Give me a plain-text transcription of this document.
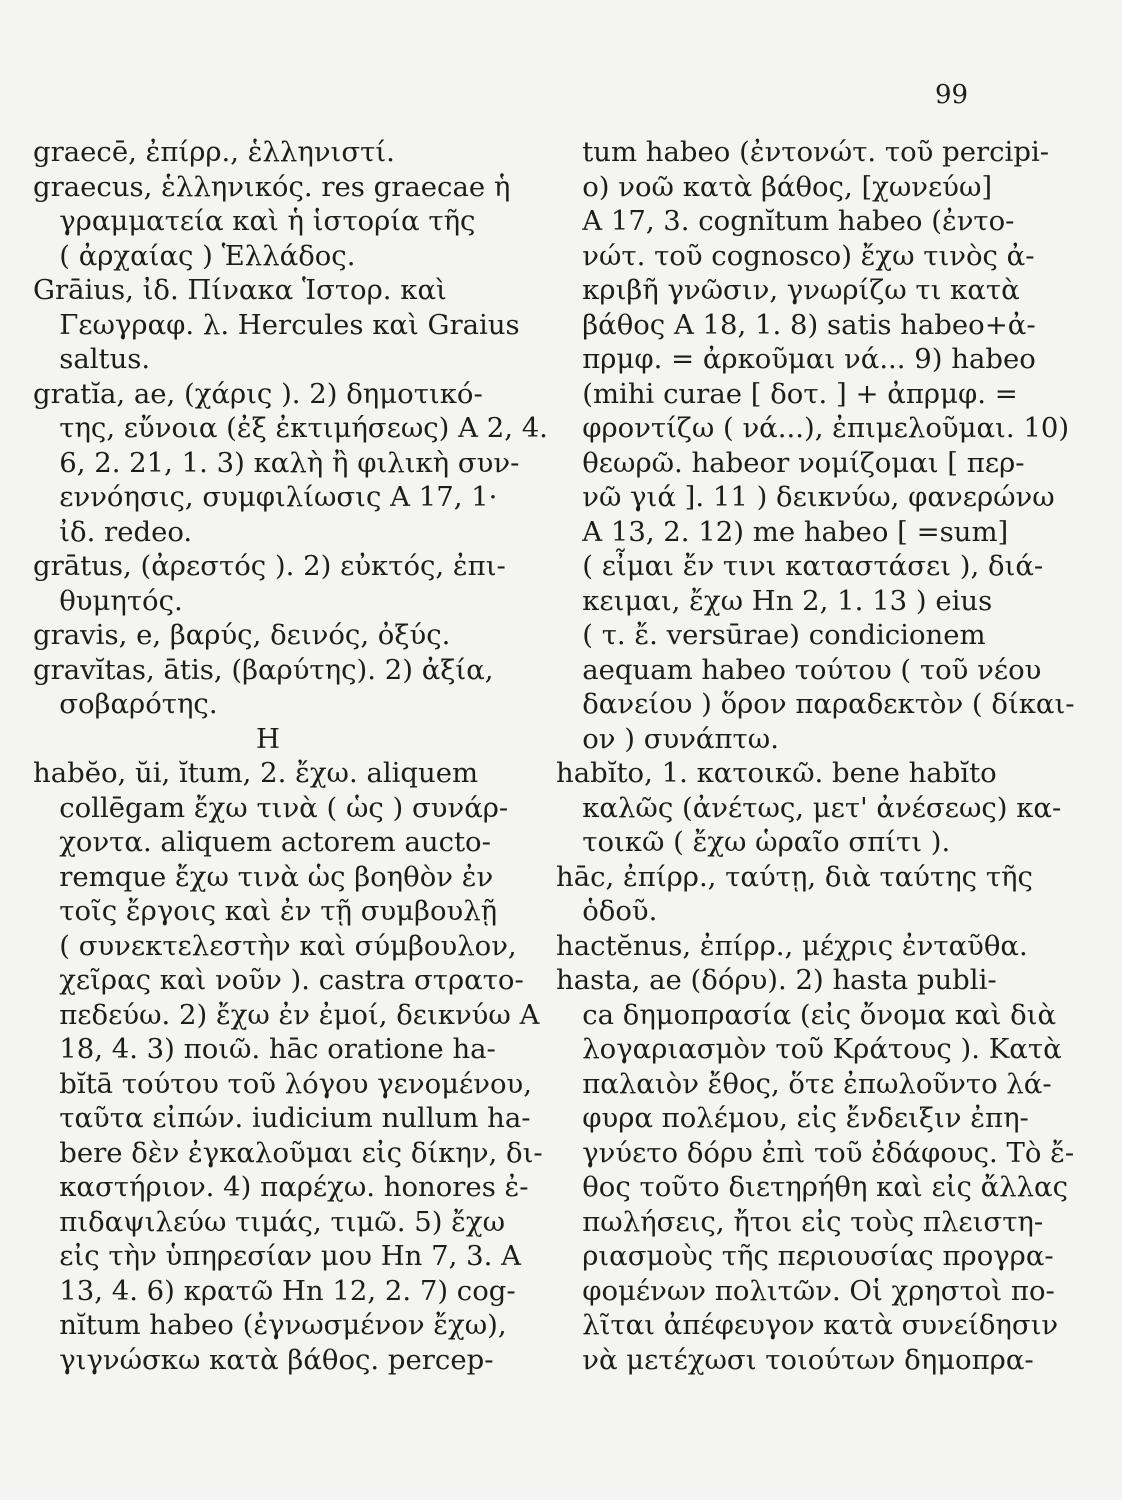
99
graecē, ἐπίρρ., ἑλληνιστί.
graecus, ἑλληνικός. res graecae ἡ
γραμματεία καὶ ἡ ἱστορία τῆς
( ἀρχαίας ) Ἑλλάδος.
Grāius, ἰδ. Πίνακα Ἱστορ. καὶ
Γεωγραφ. λ. Hercules καὶ Graius
saltus.
gratĭa, ae, (χάρις ). 2) δημοτικό-
της, εὔνοια (ἐξ ἐκτιμήσεως) Α 2, 4.
6, 2. 21, 1. 3) καλὴ ἢ φιλικὴ συν-
εννόησις, συμφιλίωσις Α 17, 1·
ἰδ. redeo.
grātus, (ἀρεστός ). 2) εὐκτός, ἐπι-
θυμητός.
gravis, e, βαρύς, δεινός, ὀξύς.
gravĭtas, ātis, (βαρύτης). 2) ἀξία,
σοβαρότης.
Η
habĕo, ŭi, ĭtum, 2. ἔχω. aliquem
collēgam ἔχω τινὰ ( ὡς ) συνάρ-
χοντα. aliquem actorem aucto-
remque ἔχω τινὰ ὡς βοηθὸν ἐν
τοῖς ἔργοις καὶ ἐν τῇ συμβουλῇ
( συνεκτελεστὴν καὶ σύμβουλον,
χεῖρας καὶ νοῦν ). castra στρατο-
πεδεύω. 2) ἔχω ἐν ἐμοί, δεικνύω Α
18, 4. 3) ποιῶ. hāc oratione ha-
bĭtā τούτου τοῦ λόγου γενομένου,
ταῦτα εἰπών. iudicium nullum ha-
bere δὲν ἐγκαλοῦμαι εἰς δίκην, δι-
καστήριον. 4) παρέχω. honores ἐ-
πιδαψιλεύω τιμάς, τιμῶ. 5) ἔχω
εἰς τὴν ὑπηρεσίαν μου Hn 7, 3. Α
13, 4. 6) κρατῶ Hn 12, 2. 7) cog-
nĭtum habeo (ἐγνωσμένον ἔχω),
γιγνώσκω κατὰ βάθος. percep-
tum habeo (ἐντονώτ. τοῦ percipi-
o) νοῶ κατὰ βάθος, [χωνεύω]
Α 17, 3. cognĭtum habeo (ἐντο-
νώτ. τοῦ cognosco) ἔχω τινὸς ἀ-
κριβῆ γνῶσιν, γνωρίζω τι κατὰ
βάθος Α 18, 1. 8) satis habeo+ἀ-
πρμφ. = ἀρκοῦμαι νά... 9) habeo
(mihi curae [ δοτ. ] + ἀπρμφ. =
φροντίζω ( νά...), ἐπιμελοῦμαι. 10)
θεωρῶ. habeor νομίζομαι [ περ-
νῶ γιά ]. 11 ) δεικνύω, φανερώνω
Α 13, 2. 12) me habeo [ =sum]
( εἶμαι ἔν τινι καταστάσει ), διά-
κειμαι, ἔχω Hn 2, 1. 13 ) eius
( τ. ἔ. versūrae) condicionem
aequam habeo τούτου ( τοῦ νέου
δανείου ) ὅρον παραδεκτὸν ( δίκαι-
ον ) συνάπτω.
habĭto, 1. κατοικῶ. bene habĭto
καλῶς (ἀνέτως, μετ' ἀνέσεως) κα-
τοικῶ ( ἔχω ὡραῖο σπίτι ).
hāc, ἐπίρρ., ταύτῃ, διὰ ταύτης τῆς
ὁδοῦ.
hactĕnus, ἐπίρρ., μέχρις ἐνταῦθα.
hasta, ae (δόρυ). 2) hasta publi-
ca δημοπρασία (εἰς ὄνομα καὶ διὰ
λογαριασμὸν τοῦ Κράτους ). Κατὰ
παλαιὸν ἔθος, ὅτε ἐπωλοῦντο λά-
φυρα πολέμου, εἰς ἔνδειξιν ἐπη-
γνύετο δόρυ ἐπὶ τοῦ ἐδάφους. Τὸ ἔ-
θος τοῦτο διετηρήθη καὶ εἰς ἄλλας
πωλήσεις, ἤτοι εἰς τοὺς πλειστη-
ριασμοὺς τῆς περιουσίας προγρα-
φομένων πολιτῶν. Οἱ χρηστοὶ πο-
λῖται ἀπέφευγον κατὰ συνείδησιν
νὰ μετέχωσι τοιούτων δημοπρα-
